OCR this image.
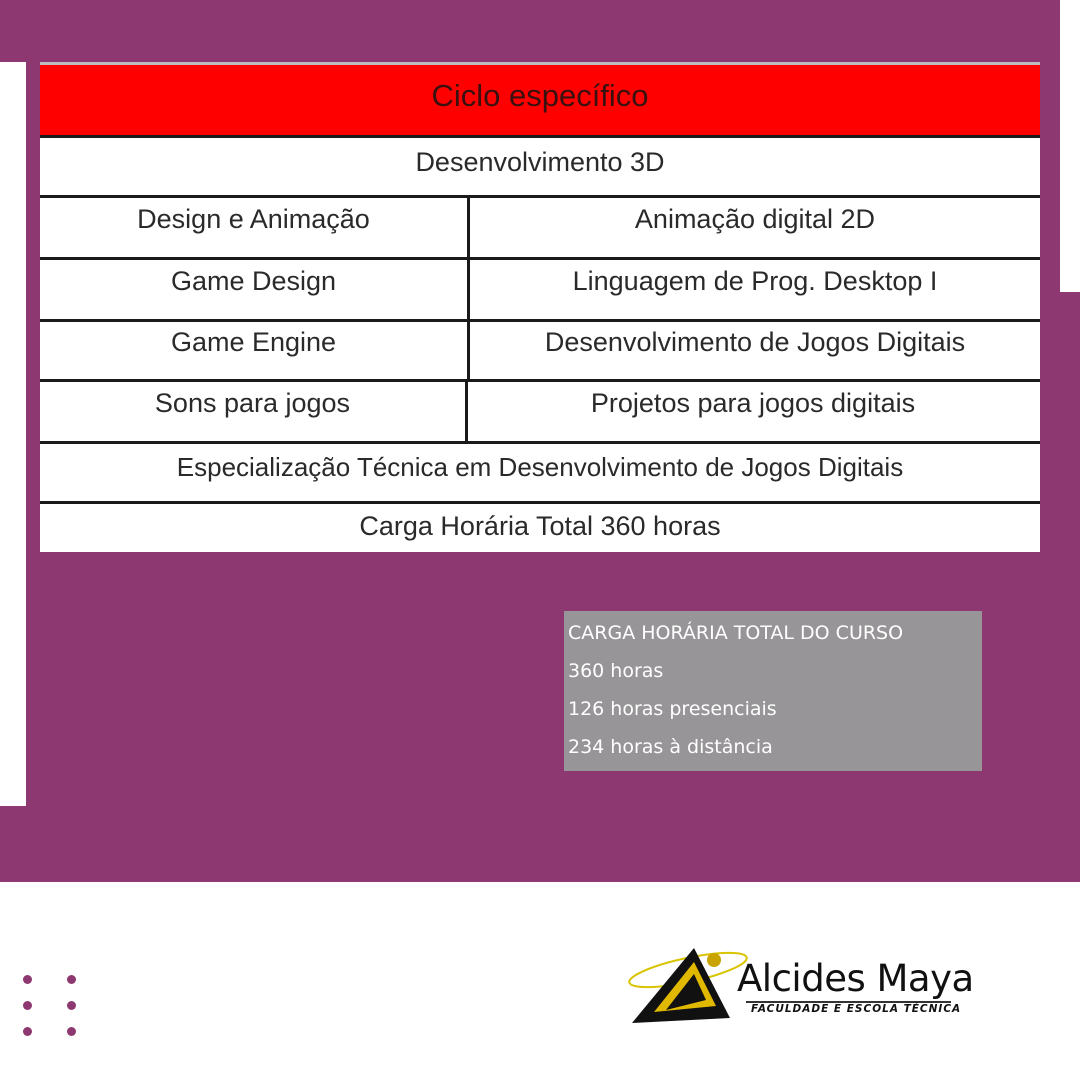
Ciclo específico
Desenvolvimento 3D
Design e Animação	Animação digital 2D
Game Design	Linguagem de Prog. Desktop I
Game Engine	Desenvolvimento de Jogos Digitais
Sons para jogos	Projetos para jogos digitais
Especialização Técnica em Desenvolvimento de Jogos Digitais
Carga Horária Total 360 horas
CARGA HORÁRIA TOTAL DO CURSO
360 horas
126 horas presenciais
234 horas à distância
Alcides Maya
FACULDADE E ESCOLA TÉCNICA
